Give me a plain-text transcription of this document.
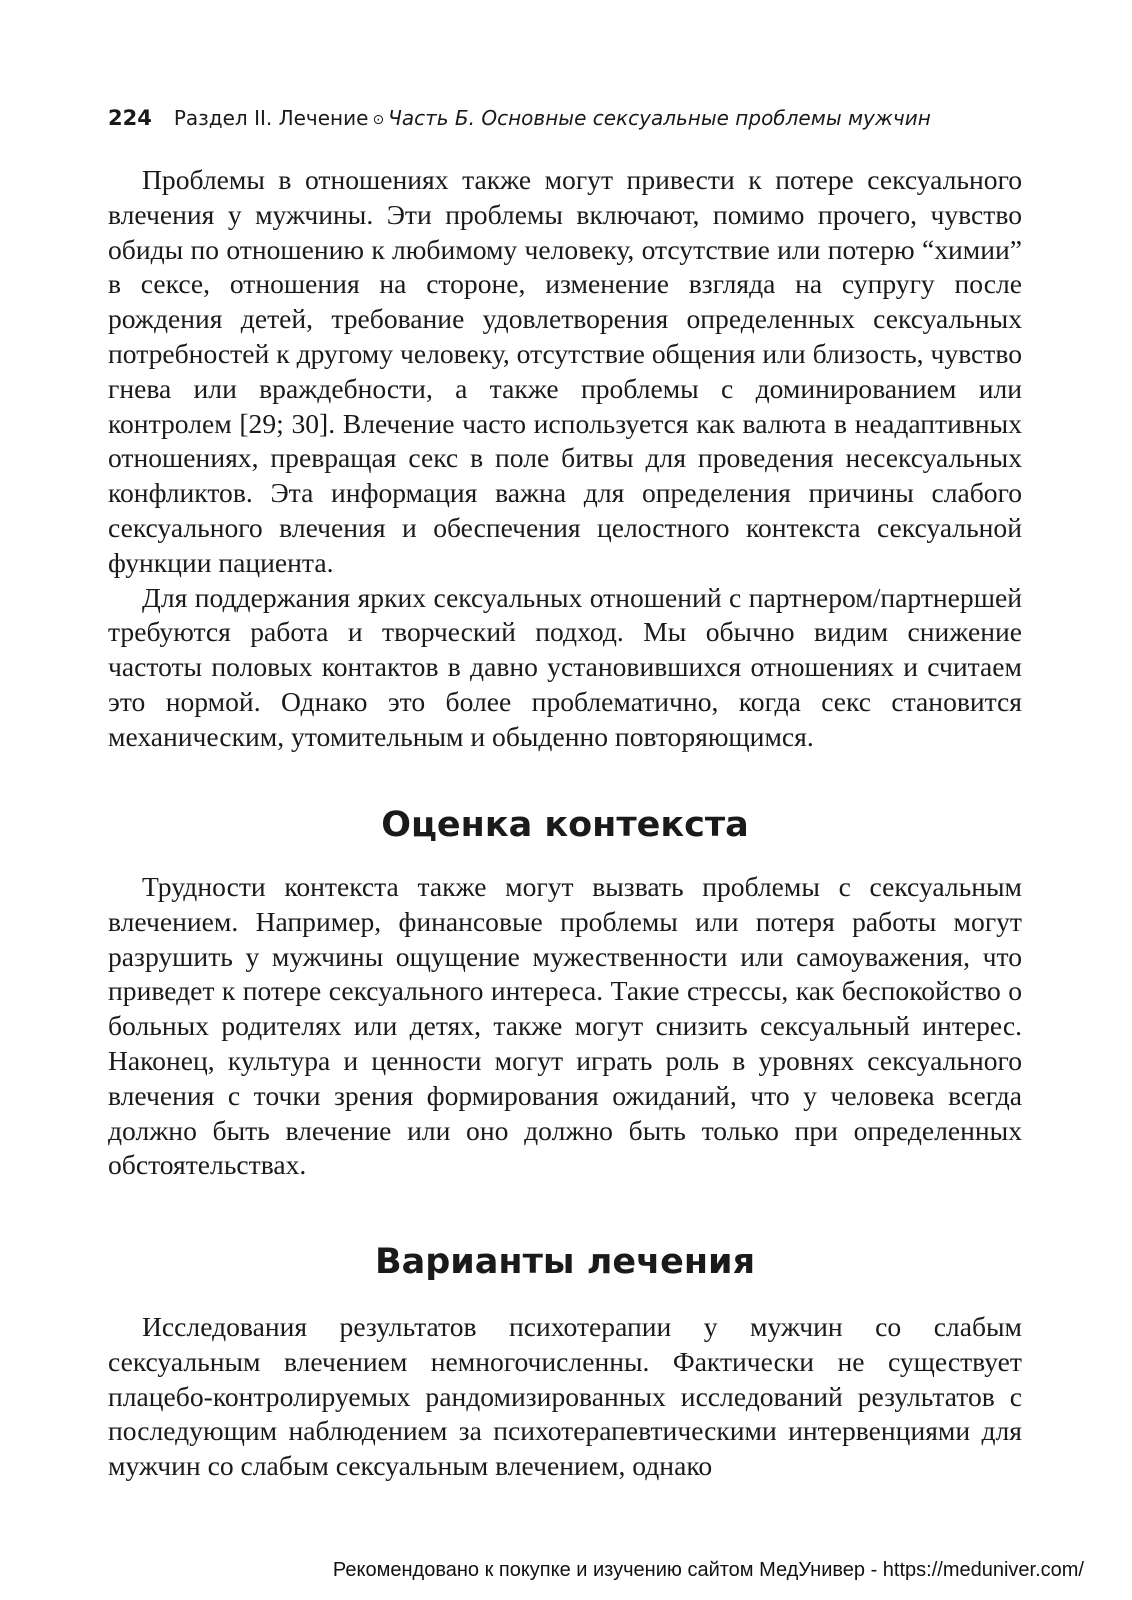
224 Раздел II. Лечение ⊙ Часть Б. Основные сексуальные проблемы мужчин

Проблемы в отношениях также могут привести к потере сексуального влечения у мужчины. Эти проблемы включают, помимо прочего, чувство обиды по отношению к любимому человеку, отсутствие или потерю “химии” в сексе, отношения на стороне, изменение взгляда на супругу после рождения детей, требование удовлетворения определенных сексуальных потребностей к другому человеку, отсутствие общения или близость, чувство гнева или враждебности, а также проблемы с доминированием или контролем [29; 30]. Влечение часто используется как валюта в неадаптивных отношениях, превращая секс в поле битвы для проведения несексуальных конфликтов. Эта информация важна для определения причины слабого сексуального влечения и обеспечения целостного контекста сексуальной функции пациента.

Для поддержания ярких сексуальных отношений с партнером/партнершей требуются работа и творческий подход. Мы обычно видим снижение частоты половых контактов в давно установившихся отношениях и считаем это нормой. Однако это более проблематично, когда секс становится механическим, утомительным и обыденно повторяющимся.

Оценка контекста

Трудности контекста также могут вызвать проблемы с сексуальным влечением. Например, финансовые проблемы или потеря работы могут разрушить у мужчины ощущение мужественности или самоуважения, что приведет к потере сексуального интереса. Такие стрессы, как беспокойство о больных родителях или детях, также могут снизить сексуальный интерес. Наконец, культура и ценности могут играть роль в уровнях сексуального влечения с точки зрения формирования ожиданий, что у человека всегда должно быть влечение или оно должно быть только при определенных обстоятельствах.

Варианты лечения

Исследования результатов психотерапии у мужчин со слабым сексуальным влечением немногочисленны. Фактически не существует плацебо-контролируемых рандомизированных исследований результатов с последующим наблюдением за психотерапевтическими интервенциями для мужчин со слабым сексуальным влечением, однако

Рекомендовано к покупке и изучению сайтом МедУнивер - https://meduniver.com/
